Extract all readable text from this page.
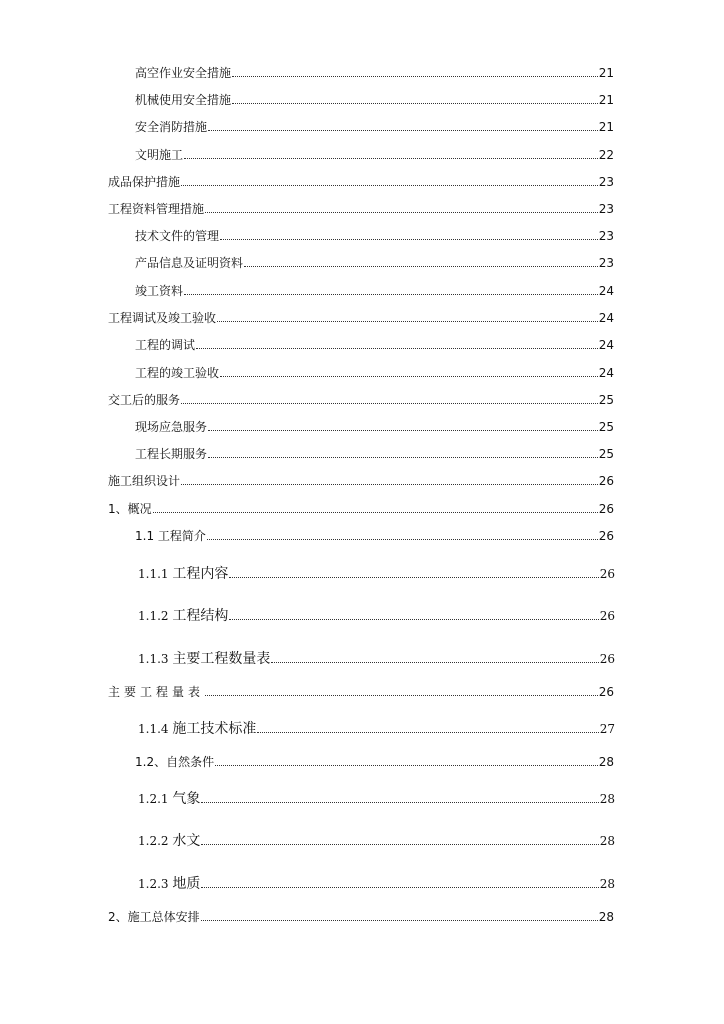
高空作业安全措施	21
机械使用安全措施	21
安全消防措施	21
文明施工	22
成品保护措施	23
工程资料管理措施	23
技术文件的管理	23
产品信息及证明资料	23
竣工资料	24
工程调试及竣工验收	24
工程的调试	24
工程的竣工验收	24
交工后的服务	25
现场应急服务	25
工程长期服务	25
施工组织设计	26
1、概况	26
1.1 工程简介	26
1.1.1 工程内容	26
1.1.2 工程结构	26
1.1.3 主要工程数量表	26
主要工程量表	26
1.1.4 施工技术标准	27
1.2、自然条件	28
1.2.1 气象	28
1.2.2 水文	28
1.2.3 地质	28
2、施工总体安排	28
